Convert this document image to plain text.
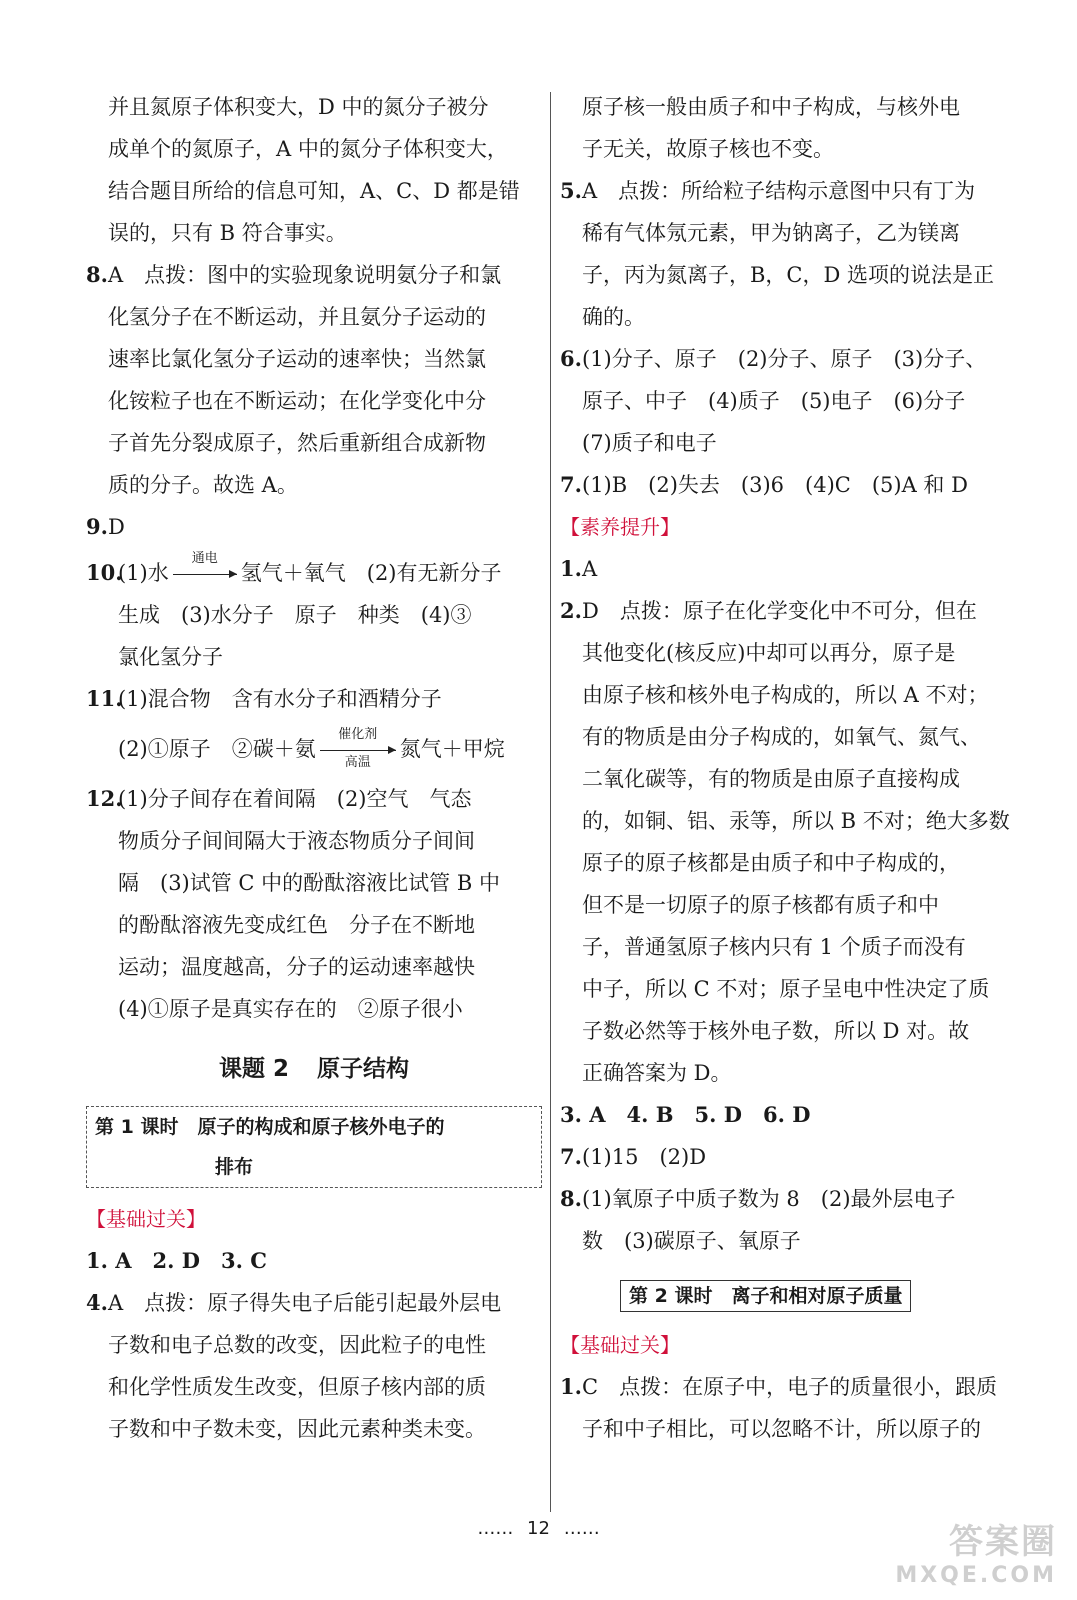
并且氮原子体积变大，D 中的氮分子被分
成单个的氮原子，A 中的氮分子体积变大，
结合题目所给的信息可知，A、C、D 都是错
误的，只有 B 符合事实。
8. A　点拨：图中的实验现象说明氨分子和氯
化氢分子在不断运动，并且氨分子运动的
速率比氯化氢分子运动的速率快；当然氯
化铵粒子也在不断运动；在化学变化中分
子首先分裂成原子，然后重新组合成新物
质的分子。故选 A。
9. D
10.
(1)水
通电
氢气＋氧气　(2)有无新分子
生成　(3)水分子　原子　种类　(4)③
氯化氢分子
11.
(1)混合物　含有水分子和酒精分子
(2)①原子　②碳＋氨
催化剂
高温
氮气＋甲烷
12.
(1)分子间存在着间隔　(2)空气　气态
物质分子间间隔大于液态物质分子间间
隔　(3)试管 C 中的酚酞溶液比试管 B 中
的酚酞溶液先变成红色　分子在不断地
运动；温度越高，分子的运动速率越快
(4)①原子是真实存在的　②原子很小
课题 2 原子结构
第 1 课时　原子的构成和原子核外电子的
排布
【基础过关】
1. A　2. D　3. C
4. A　点拨：原子得失电子后能引起最外层电
子数和电子总数的改变，因此粒子的电性
和化学性质发生改变，但原子核内部的质
子数和中子数未变，因此元素种类未变。
原子核一般由质子和中子构成，与核外电
子无关，故原子核也不变。
5. A　点拨：所给粒子结构示意图中只有丁为
稀有气体氖元素，甲为钠离子，乙为镁离
子，丙为氮离子，B，C，D 选项的说法是正
确的。
6. (1)分子、原子　(2)分子、原子　(3)分子、
原子、中子　(4)质子　(5)电子　(6)分子
(7)质子和电子
7. (1)B　(2)失去　(3)6　(4)C　(5)A 和 D
【素养提升】
1. A
2. D　点拨：原子在化学变化中不可分，但在
其他变化(核反应)中却可以再分，原子是
由原子核和核外电子构成的，所以 A 不对；
有的物质是由分子构成的，如氧气、氮气、
二氧化碳等，有的物质是由原子直接构成
的，如铜、铝、汞等，所以 B 不对；绝大多数
原子的原子核都是由质子和中子构成的，
但不是一切原子的原子核都有质子和中
子，普通氢原子核内只有 1 个质子而没有
中子，所以 C 不对；原子呈电中性决定了质
子数必然等于核外电子数，所以 D 对。故
正确答案为 D。
3. A　4. B　5. D　6. D
7. (1)15　(2)D
8. (1)氧原子中质子数为 8　(2)最外层电子
数　(3)碳原子、氧原子
第 2 课时　离子和相对原子质量
【基础过关】
1. C　点拨：在原子中，电子的质量很小，跟质
子和中子相比，可以忽略不计，所以原子的
…… 12 ……	答案圈
MXQE.COM
